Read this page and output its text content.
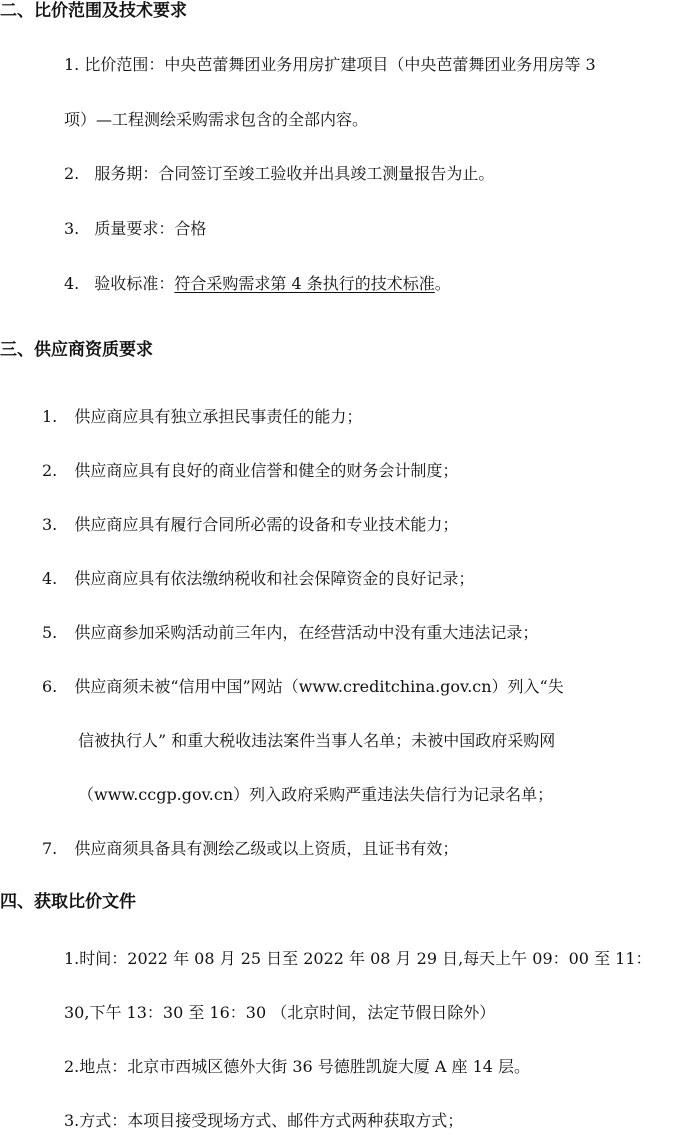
二、比价范围及技术要求

1. 比价范围：中央芭蕾舞团业务用房扩建项目（中央芭蕾舞团业务用房等 3

项）—工程测绘采购需求包含的全部内容。

2. 服务期：合同签订至竣工验收并出具竣工测量报告为止。

3. 质量要求：合格

4. 验收标准：符合采购需求第 4 条执行的技术标准。

三、供应商资质要求

1. 供应商应具有独立承担民事责任的能力；

2. 供应商应具有良好的商业信誉和健全的财务会计制度；

3. 供应商应具有履行合同所必需的设备和专业技术能力；

4. 供应商应具有依法缴纳税收和社会保障资金的良好记录；

5. 供应商参加采购活动前三年内，在经营活动中没有重大违法记录；

6. 供应商须未被“信用中国”网站（www.creditchina.gov.cn）列入“失

信被执行人” 和重大税收违法案件当事人名单；未被中国政府采购网

（www.ccgp.gov.cn）列入政府采购严重违法失信行为记录名单；

7. 供应商须具备具有测绘乙级或以上资质，且证书有效；

四、获取比价文件

1.时间：2022 年 08 月 25 日至 2022 年 08 月 29 日,每天上午 09：00 至 11：

30,下午 13：30 至 16：30 （北京时间，法定节假日除外）

2.地点：北京市西城区德外大街 36 号德胜凯旋大厦 A 座 14 层。

3.方式：本项目接受现场方式、邮件方式两种获取方式；
